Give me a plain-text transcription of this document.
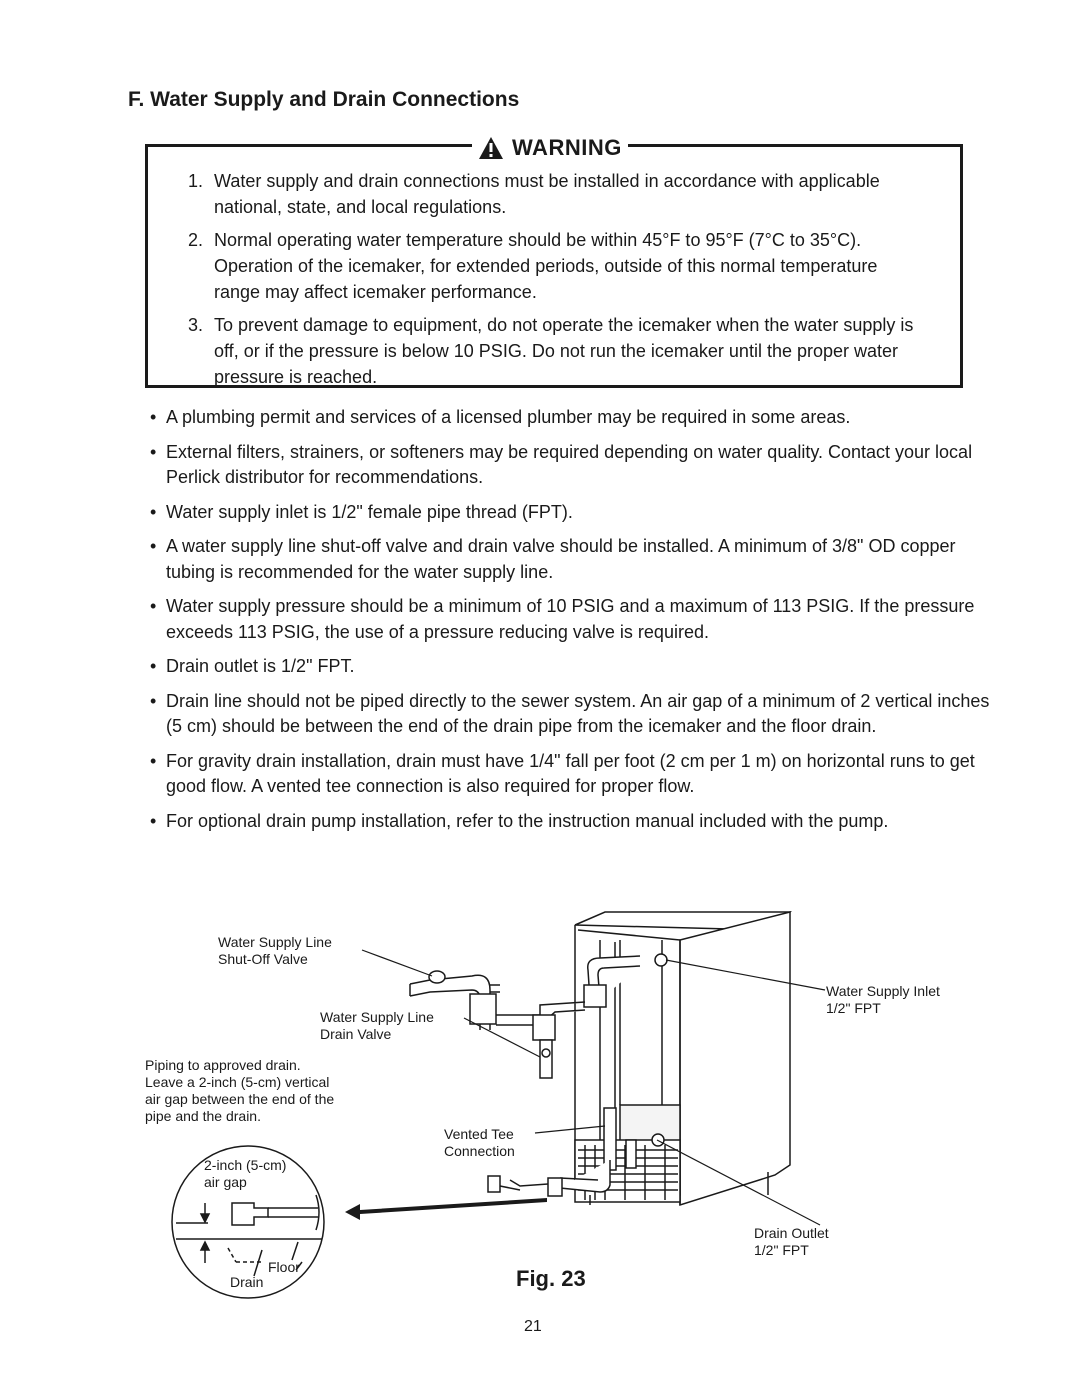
F. Water Supply and Drain Connections
WARNING
1. Water supply and drain connections must be installed in accordance with applicable national, state, and local regulations.
2. Normal operating water temperature should be within 45°F to 95°F (7°C to 35°C). Operation of the icemaker, for extended periods, outside of this normal temperature range may affect icemaker performance.
3. To prevent damage to equipment, do not operate the icemaker when the water supply is off, or if the pressure is below 10 PSIG. Do not run the icemaker until the proper water pressure is reached.
• A plumbing permit and services of a licensed plumber may be required in some areas.
• External filters, strainers, or softeners may be required depending on water quality. Contact your local Perlick distributor for recommendations.
• Water supply inlet is 1/2" female pipe thread (FPT).
• A water supply line shut-off valve and drain valve should be installed. A minimum of 3/8" OD copper tubing is recommended for the water supply line.
• Water supply pressure should be a minimum of 10 PSIG and a maximum of 113 PSIG. If the pressure exceeds 113 PSIG, the use of a pressure reducing valve is required.
• Drain outlet is 1/2" FPT.
• Drain line should not be piped directly to the sewer system. An air gap of a minimum of 2 vertical inches (5 cm) should be between the end of the drain pipe from the icemaker and the floor drain.
• For gravity drain installation, drain must have 1/4" fall per foot (2 cm per 1 m) on horizontal runs to get good flow. A vented tee connection is also required for proper flow.
• For optional drain pump installation, refer to the instruction manual included with the pump.
Water Supply Line
Shut-Off Valve
Water Supply Line
Drain Valve
Water Supply Inlet
1/2" FPT
Piping to approved drain.
Leave a 2-inch (5-cm) vertical
air gap between the end of the
pipe and the drain.
Vented Tee
Connection
2-inch (5-cm)
air gap
Floor
Drain
Drain Outlet
1/2" FPT
Fig. 23
21
